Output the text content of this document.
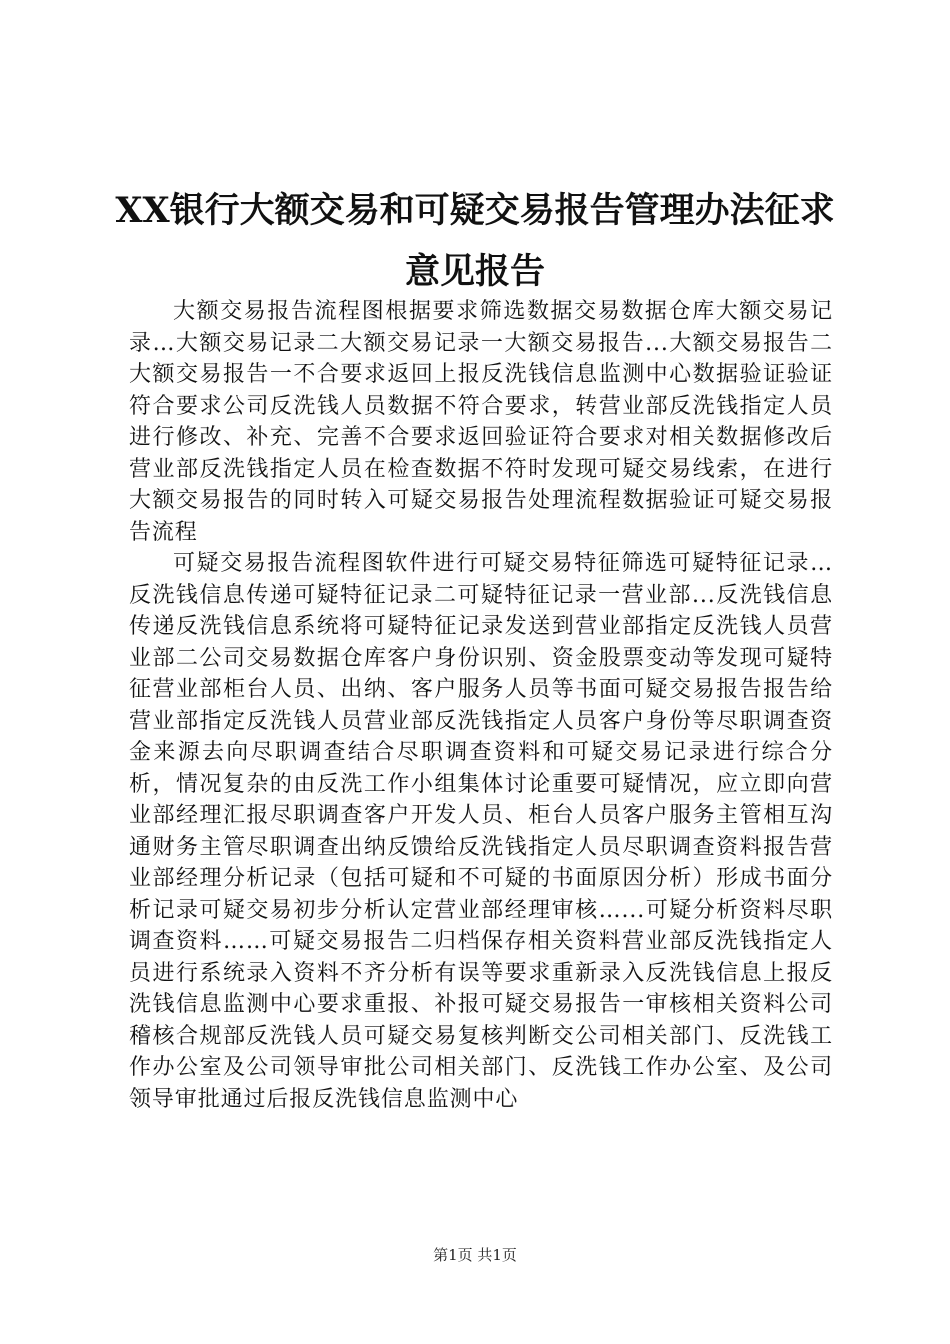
XX银行大额交易和可疑交易报告管理办法征求意见报告

大额交易报告流程图根据要求筛选数据交易数据仓库大额交易记录…大额交易记录二大额交易记录一大额交易报告...大额交易报告二大额交易报告一不合要求返回上报反洗钱信息监测中心数据验证验证符合要求公司反洗钱人员数据不符合要求，转营业部反洗钱指定人员进行修改、补充、完善不合要求返回验证符合要求对相关数据修改后营业部反洗钱指定人员在检查数据不符时发现可疑交易线索，在进行大额交易报告的同时转入可疑交易报告处理流程数据验证可疑交易报告流程

可疑交易报告流程图软件进行可疑交易特征筛选可疑特征记录…反洗钱信息传递可疑特征记录二可疑特征记录一营业部...反洗钱信息传递反洗钱信息系统将可疑特征记录发送到营业部指定反洗钱人员营业部二公司交易数据仓库客户身份识别、资金股票变动等发现可疑特征营业部柜台人员、出纳、客户服务人员等书面可疑交易报告报告给营业部指定反洗钱人员营业部反洗钱指定人员客户身份等尽职调查资金来源去向尽职调查结合尽职调查资料和可疑交易记录进行综合分析，情况复杂的由反洗工作小组集体讨论重要可疑情况，应立即向营业部经理汇报尽职调查客户开发人员、柜台人员客户服务主管相互沟通财务主管尽职调查出纳反馈给反洗钱指定人员尽职调查资料报告营业部经理分析记录（包括可疑和不可疑的书面原因分析）形成书面分析记录可疑交易初步分析认定营业部经理审核…...可疑分析资料尽职调查资料……可疑交易报告二归档保存相关资料营业部反洗钱指定人员进行系统录入资料不齐分析有误等要求重新录入反洗钱信息上报反洗钱信息监测中心要求重报、补报可疑交易报告一审核相关资料公司稽核合规部反洗钱人员可疑交易复核判断交公司相关部门、反洗钱工作办公室及公司领导审批公司相关部门、反洗钱工作办公室、及公司领导审批通过后报反洗钱信息监测中心

第1页 共1页
